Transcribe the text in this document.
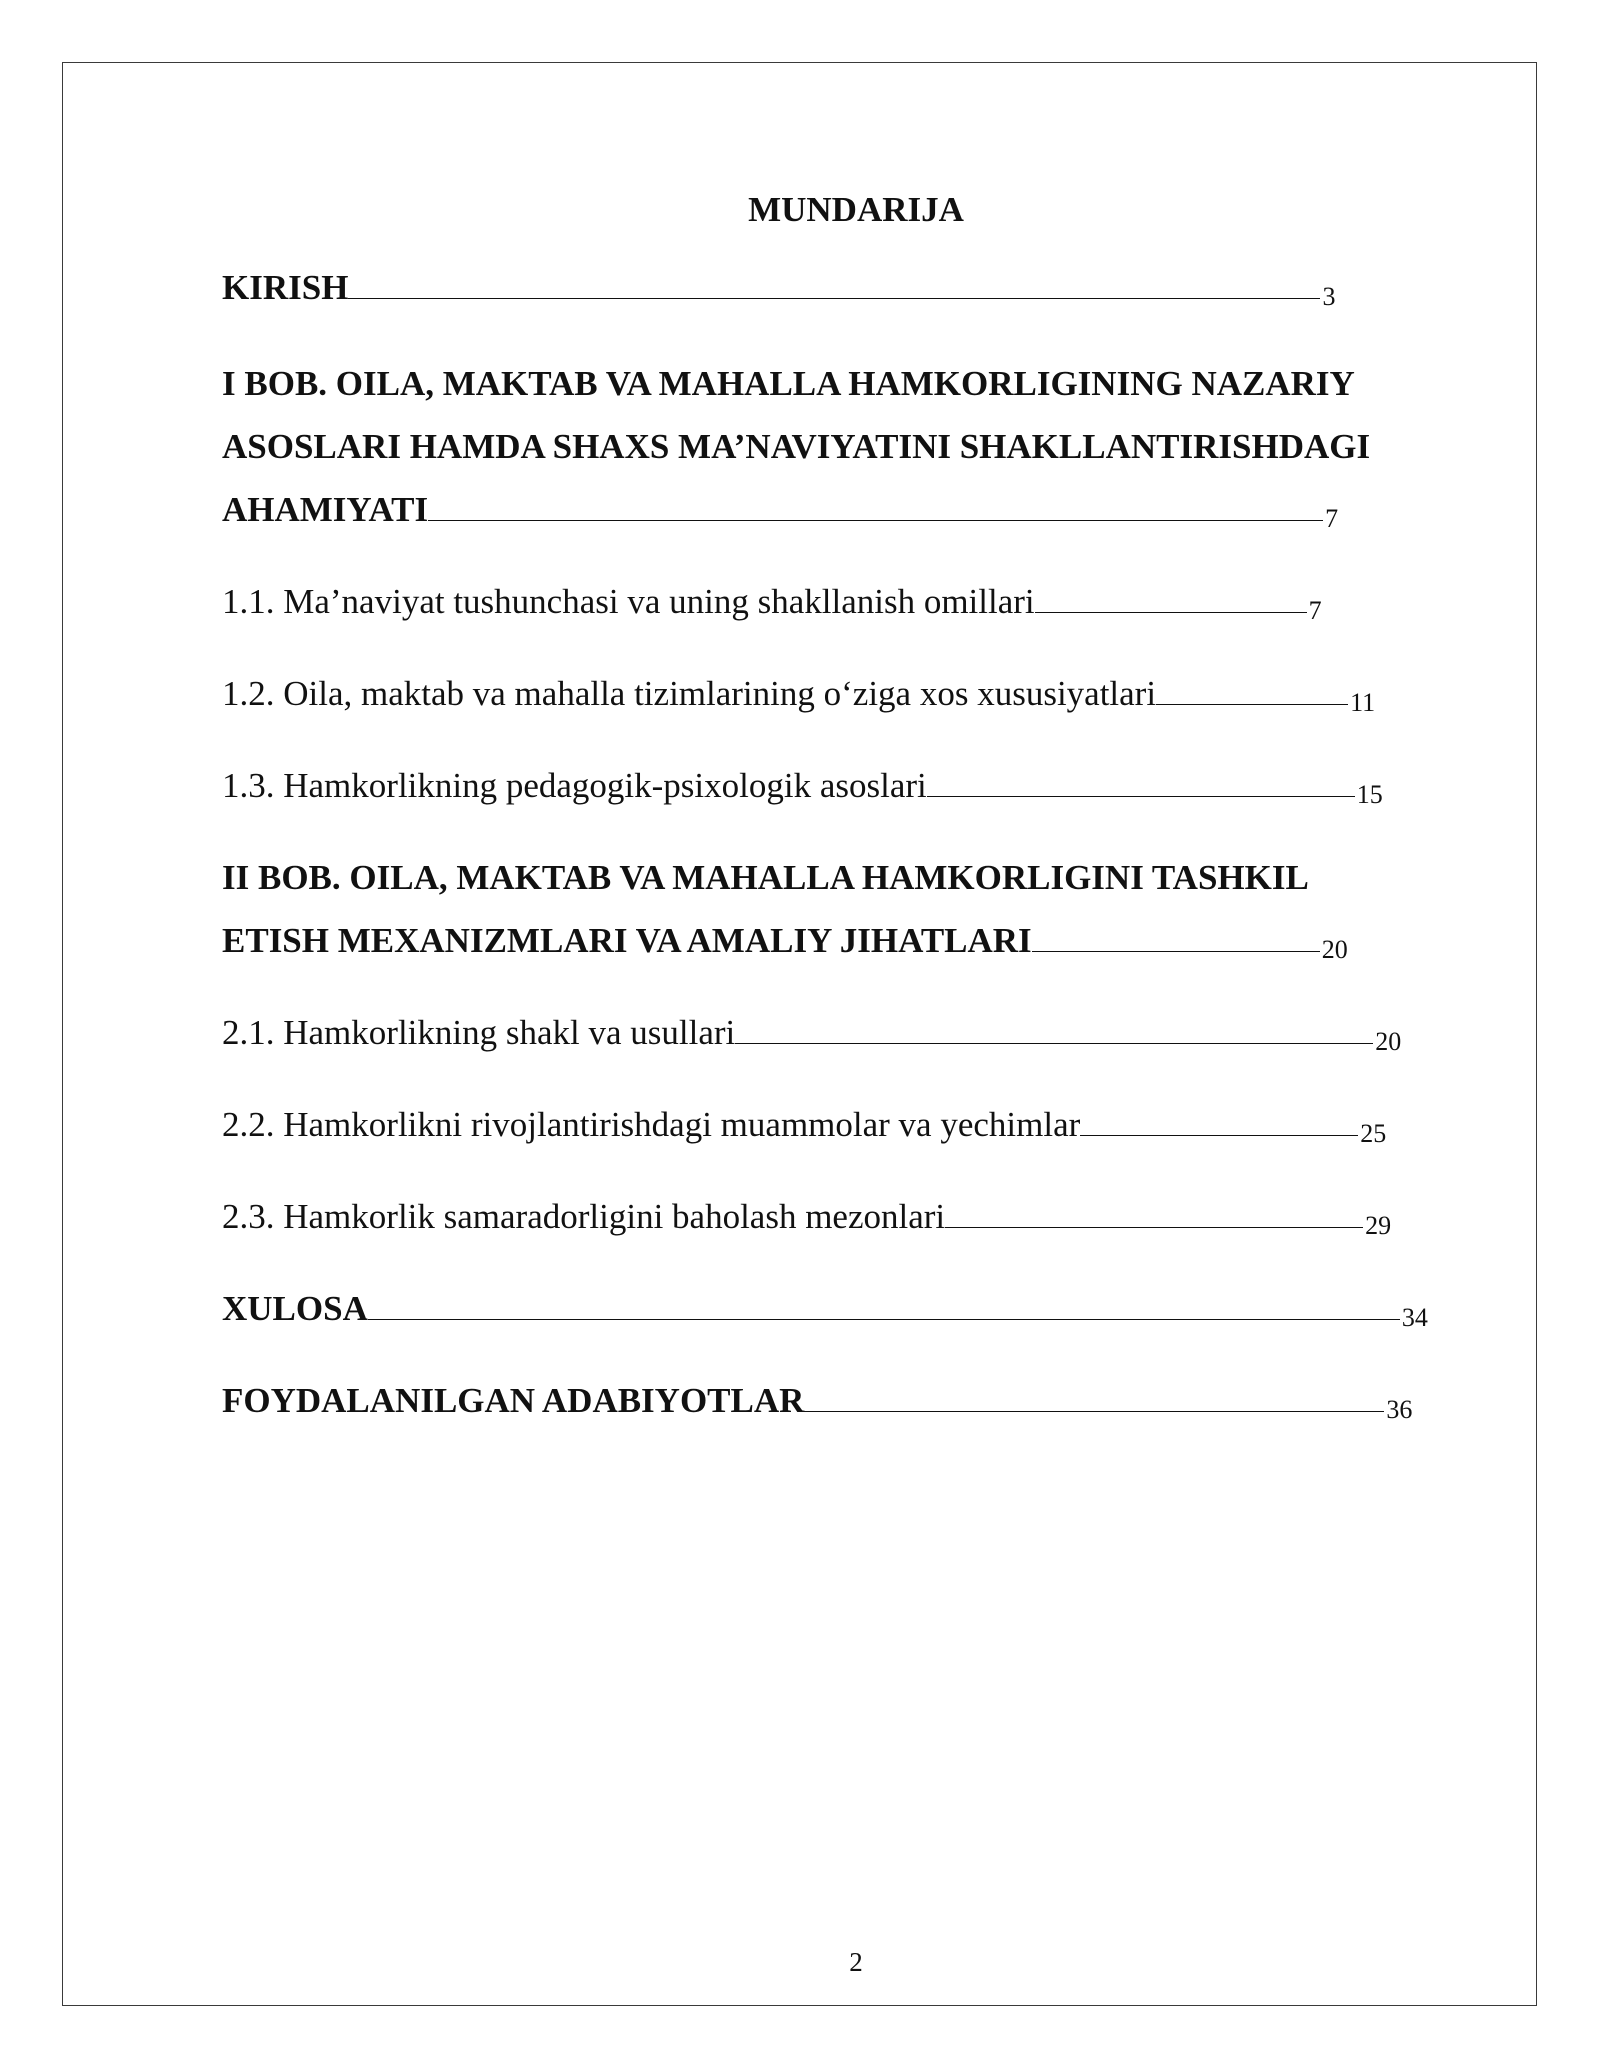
MUNDARIJA
KIRISH	3
I BOB. OILA, MAKTAB VA MAHALLA HAMKORLIGINING NAZARIY
ASOSLARI HAMDA SHAXS MA’NAVIYATINI SHAKLLANTIRISHDAGI
AHAMIYATI	7
1.1. Ma’naviyat tushunchasi va uning shakllanish omillari	7
1.2. Oila, maktab va mahalla tizimlarining o‘ziga xos xususiyatlari	11
1.3. Hamkorlikning pedagogik-psixologik asoslari	15
II BOB. OILA, MAKTAB VA MAHALLA HAMKORLIGINI TASHKIL
ETISH MEXANIZMLARI VA AMALIY JIHATLARI	20
2.1. Hamkorlikning shakl va usullari	20
2.2. Hamkorlikni rivojlantirishdagi muammolar va yechimlar	25
2.3. Hamkorlik samaradorligini baholash mezonlari	29
XULOSA	34
FOYDALANILGAN ADABIYOTLAR	36
2
